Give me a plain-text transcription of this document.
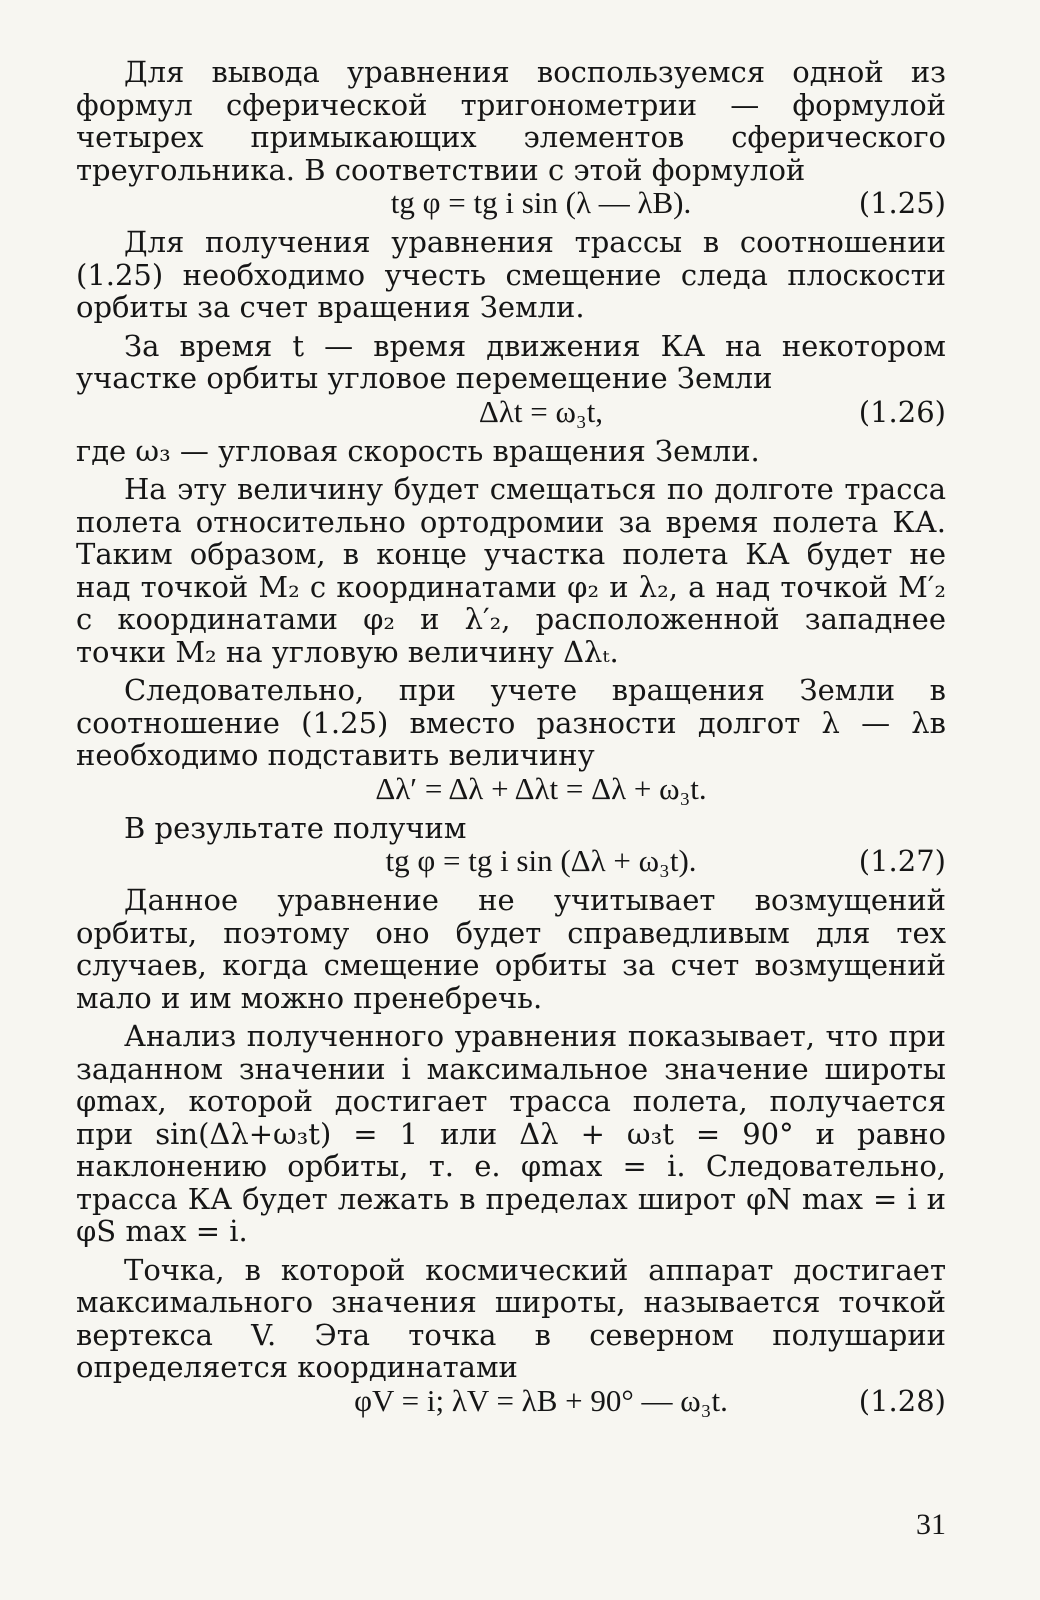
Для вывода уравнения воспользуемся одной из формул сферической тригонометрии — формулой четырех примыкающих элементов сферического треугольника. В соответствии с этой формулой

tg φ = tg i sin (λ — λB).	(1.25)

Для получения уравнения трассы в соотношении (1.25) необходимо учесть смещение следа плоскости орбиты за счет вращения Земли.

За время t — время движения КА на некотором участке орбиты угловое перемещение Земли

Δλt = ω₃t,	(1.26)

где ω₃ — угловая скорость вращения Земли.

На эту величину будет смещаться по долготе трасса полета относительно ортодромии за время полета КА. Таким образом, в конце участка полета КА будет не над точкой M₂ с координатами φ₂ и λ₂, а над точкой M′₂ с координатами φ₂ и λ′₂, расположенной западнее точки M₂ на угловую величину Δλₜ.

Следовательно, при учете вращения Земли в соотношение (1.25) вместо разности долгот λ — λв необходимо подставить величину

Δλ′ = Δλ + Δλt = Δλ + ω₃t.

В результате получим

tg φ = tg i sin (Δλ + ω₃t).	(1.27)

Данное уравнение не учитывает возмущений орбиты, поэтому оно будет справедливым для тех случаев, когда смещение орбиты за счет возмущений мало и им можно пренебречь.

Анализ полученного уравнения показывает, что при заданном значении i максимальное значение широты φmax, которой достигает трасса полета, получается при sin(Δλ+ω₃t) = 1 или Δλ + ω₃t = 90° и равно наклонению орбиты, т. е. φmax = i. Следовательно, трасса КА будет лежать в пределах широт φN max = i и φS max = i.

Точка, в которой космический аппарат достигает максимального значения широты, называется точкой вертекса V. Эта точка в северном полушарии определяется координатами

φV = i; λV = λB + 90° — ω₃t.	(1.28)
31
